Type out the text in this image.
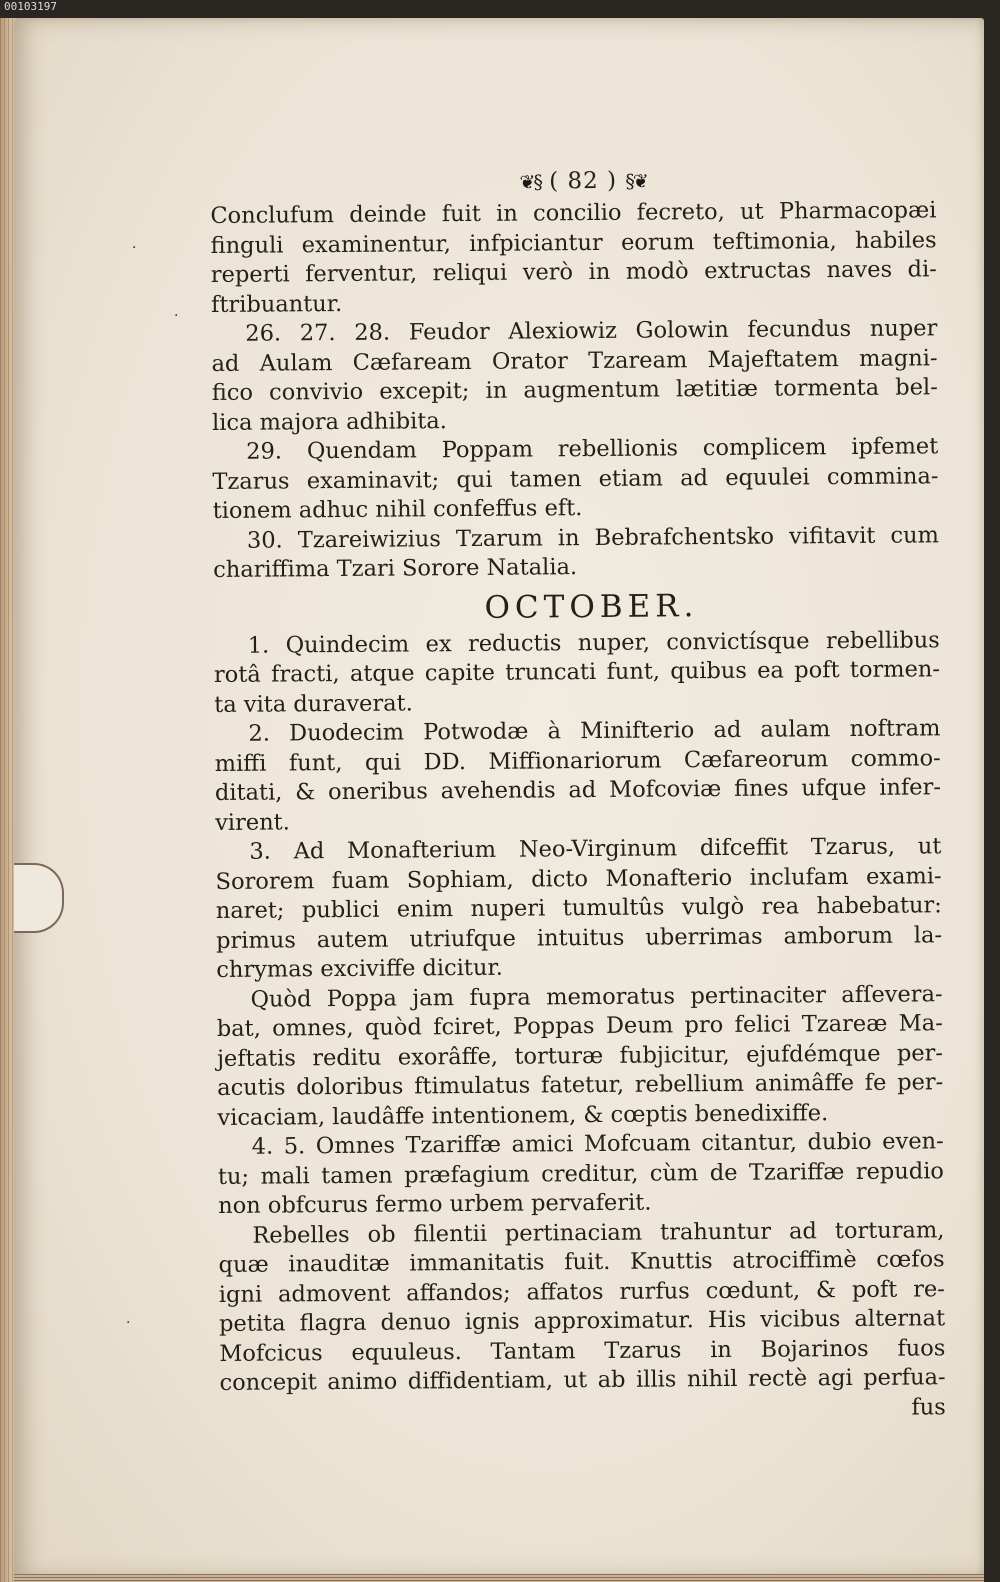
00103197
·
·
·
❦§ ( 82 ) §❦
Conclufum deinde fuit in concilio fecreto, ut Pharmacopæi
finguli examinentur, infpiciantur eorum teftimonia, habiles
reperti ferventur, reliqui verò in modò extructas naves di-
ftribuantur.
26. 27. 28. Feudor Alexiowiz Golowin fecundus nuper
ad Aulam Cæfaream Orator Tzaream Majeftatem magni-
fico convivio excepit; in augmentum lætitiæ tormenta bel-
lica majora adhibita.
29. Quendam Poppam rebellionis complicem ipfemet
Tzarus examinavit; qui tamen etiam ad equulei commina-
tionem adhuc nihil confeffus eft.
30. Tzareiwizius Tzarum in Bebrafchentsko vifitavit cum
chariffima Tzari Sorore Natalia.
OCTOBER.
1. Quindecim ex reductis nuper, convictísque rebellibus
rotâ fracti, atque capite truncati funt, quibus ea poft tormen-
ta vita duraverat.
2. Duodecim Potwodæ à Minifterio ad aulam noftram
miffi funt, qui DD. Miffionariorum Cæfareorum commo-
ditati, & oneribus avehendis ad Mofcoviæ fines ufque infer-
virent.
3. Ad Monafterium Neo-Virginum difceffit Tzarus, ut
Sororem fuam Sophiam, dicto Monafterio inclufam exami-
naret; publici enim nuperi tumultûs vulgò rea habebatur:
primus autem utriufque intuitus uberrimas amborum la-
chrymas exciviffe dicitur.
Quòd Poppa jam fupra memoratus pertinaciter afſevera-
bat, omnes, quòd fciret, Poppas Deum pro felici Tzareæ Ma-
jeftatis reditu exorâffe, torturæ fubjicitur, ejufdémque per-
acutis doloribus ftimulatus fatetur, rebellium animâffe fe per-
vicaciam, laudâffe intentionem, & cœptis benedixiffe.
4. 5. Omnes Tzariffæ amici Mofcuam citantur, dubio even-
tu; mali tamen præfagium creditur, cùm de Tzariffæ repudio
non obfcurus fermo urbem pervaferit.
Rebelles ob filentii pertinaciam trahuntur ad torturam,
quæ inauditæ immanitatis fuit. Knuttis atrociffimè cœfos
igni admovent affandos; affatos rurfus cœdunt, & poft re-
petita flagra denuo ignis approximatur. His vicibus alternat
Mofcicus equuleus. Tantam Tzarus in Bojarinos fuos
concepit animo diffidentiam, ut ab illis nihil rectè agi perfua-
fus
